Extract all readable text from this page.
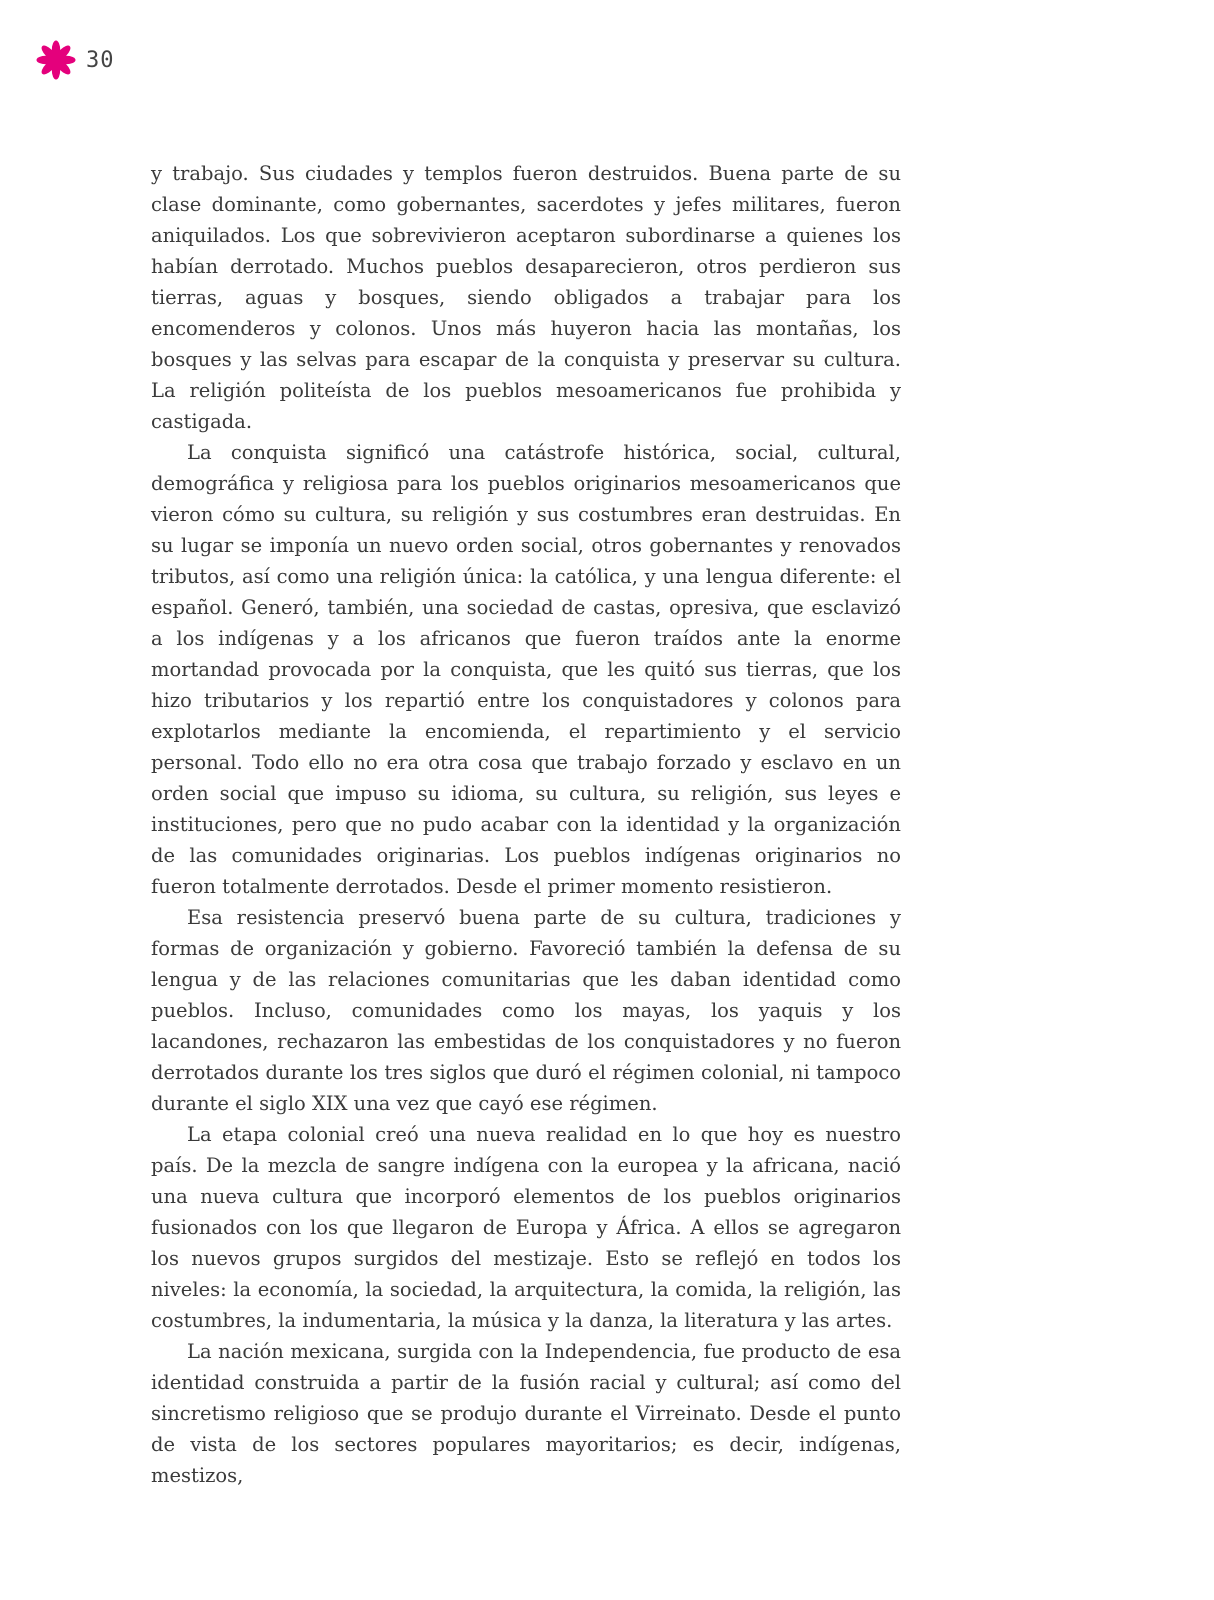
30

y trabajo. Sus ciudades y templos fueron destruidos. Buena parte de su clase dominante, como gobernantes, sacerdotes y jefes militares, fueron aniquilados. Los que sobrevivieron aceptaron subordinarse a quienes los habían derrotado. Muchos pueblos desaparecieron, otros perdieron sus tierras, aguas y bosques, siendo obligados a trabajar para los encomenderos y colonos. Unos más huyeron hacia las montañas, los bosques y las selvas para escapar de la conquista y preservar su cultura. La religión politeísta de los pueblos mesoamericanos fue prohibida y castigada.

La conquista significó una catástrofe histórica, social, cultural, demográfica y religiosa para los pueblos originarios mesoamericanos que vieron cómo su cultura, su religión y sus costumbres eran destruidas. En su lugar se imponía un nuevo orden social, otros gobernantes y renovados tributos, así como una religión única: la católica, y una lengua diferente: el español. Generó, también, una sociedad de castas, opresiva, que esclavizó a los indígenas y a los africanos que fueron traídos ante la enorme mortandad provocada por la conquista, que les quitó sus tierras, que los hizo tributarios y los repartió entre los conquistadores y colonos para explotarlos mediante la encomienda, el repartimiento y el servicio personal. Todo ello no era otra cosa que trabajo forzado y esclavo en un orden social que impuso su idioma, su cultura, su religión, sus leyes e instituciones, pero que no pudo acabar con la identidad y la organización de las comunidades originarias. Los pueblos indígenas originarios no fueron totalmente derrotados. Desde el primer momento resistieron.

Esa resistencia preservó buena parte de su cultura, tradiciones y formas de organización y gobierno. Favoreció también la defensa de su lengua y de las relaciones comunitarias que les daban identidad como pueblos. Incluso, comunidades como los mayas, los yaquis y los lacandones, rechazaron las embestidas de los conquistadores y no fueron derrotados durante los tres siglos que duró el régimen colonial, ni tampoco durante el siglo XIX una vez que cayó ese régimen.

La etapa colonial creó una nueva realidad en lo que hoy es nuestro país. De la mezcla de sangre indígena con la europea y la africana, nació una nueva cultura que incorporó elementos de los pueblos originarios fusionados con los que llegaron de Europa y África. A ellos se agregaron los nuevos grupos surgidos del mestizaje. Esto se reflejó en todos los niveles: la economía, la sociedad, la arquitectura, la comida, la religión, las costumbres, la indumentaria, la música y la danza, la literatura y las artes.

La nación mexicana, surgida con la Independencia, fue producto de esa identidad construida a partir de la fusión racial y cultural; así como del sincretismo religioso que se produjo durante el Virreinato. Desde el punto de vista de los sectores populares mayoritarios; es decir, indígenas, mestizos,
